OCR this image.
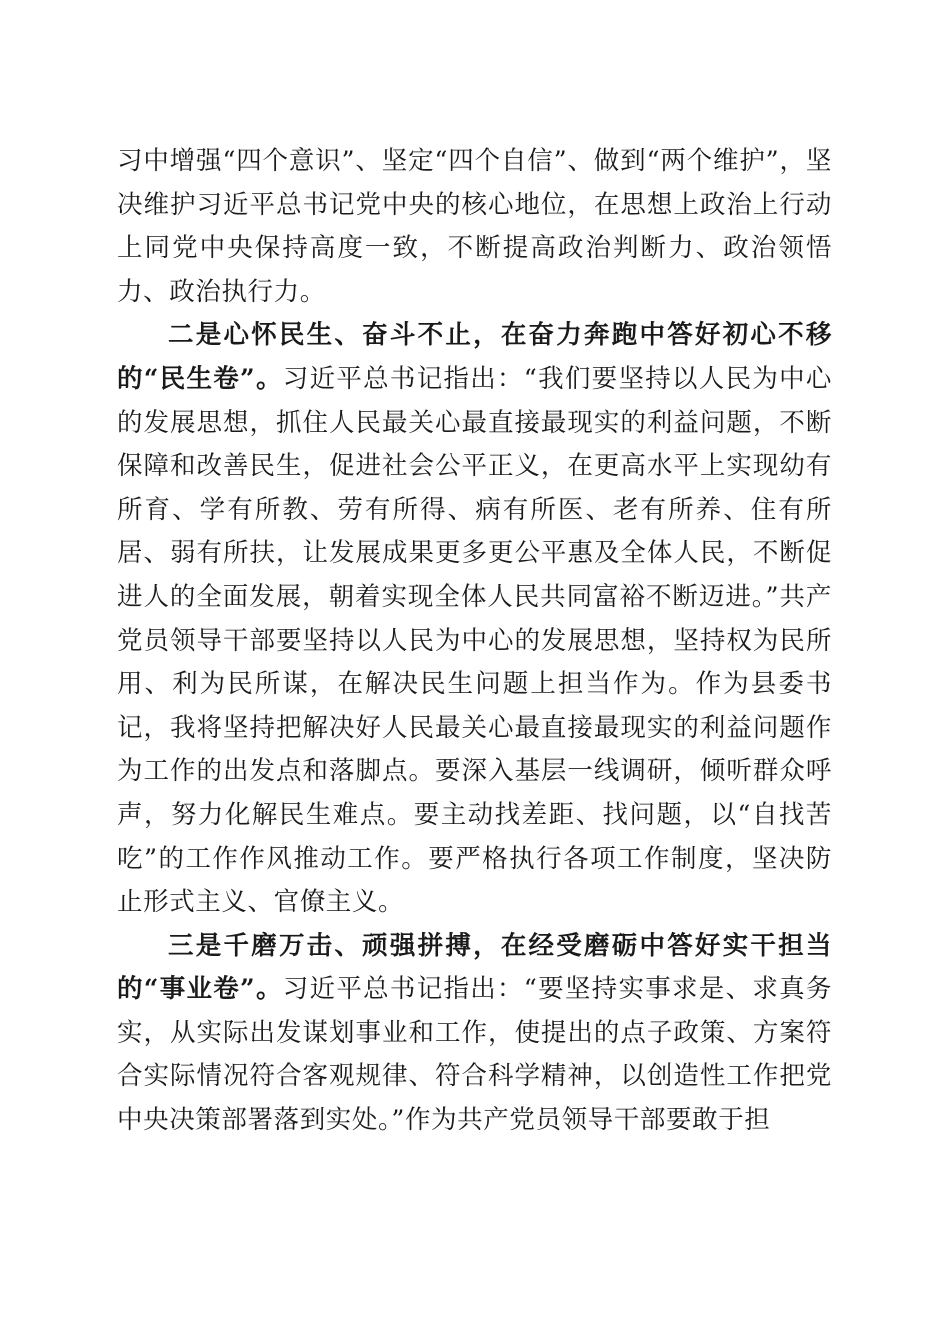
习中增强“四个意识”、坚定“四个自信”、做到“两个维护”，坚决维护习近平总书记党中央的核心地位，在思想上政治上行动上同党中央保持高度一致，不断提高政治判断力、政治领悟力、政治执行力。

二是心怀民生、奋斗不止，在奋力奔跑中答好初心不移的“民生卷”。习近平总书记指出：“我们要坚持以人民为中心的发展思想，抓住人民最关心最直接最现实的利益问题，不断保障和改善民生，促进社会公平正义，在更高水平上实现幼有所育、学有所教、劳有所得、病有所医、老有所养、住有所居、弱有所扶，让发展成果更多更公平惠及全体人民，不断促进人的全面发展，朝着实现全体人民共同富裕不断迈进。”共产党员领导干部要坚持以人民为中心的发展思想，坚持权为民所用、利为民所谋，在解决民生问题上担当作为。作为县委书记，我将坚持把解决好人民最关心最直接最现实的利益问题作为工作的出发点和落脚点。要深入基层一线调研，倾听群众呼声，努力化解民生难点。要主动找差距、找问题，以“自找苦吃”的工作作风推动工作。要严格执行各项工作制度，坚决防止形式主义、官僚主义。

三是千磨万击、顽强拼搏，在经受磨砺中答好实干担当的“事业卷”。习近平总书记指出：“要坚持实事求是、求真务实，从实际出发谋划事业和工作，使提出的点子政策、方案符合实际情况符合客观规律、符合科学精神，以创造性工作把党中央决策部署落到实处。”作为共产党员领导干部要敢于担
